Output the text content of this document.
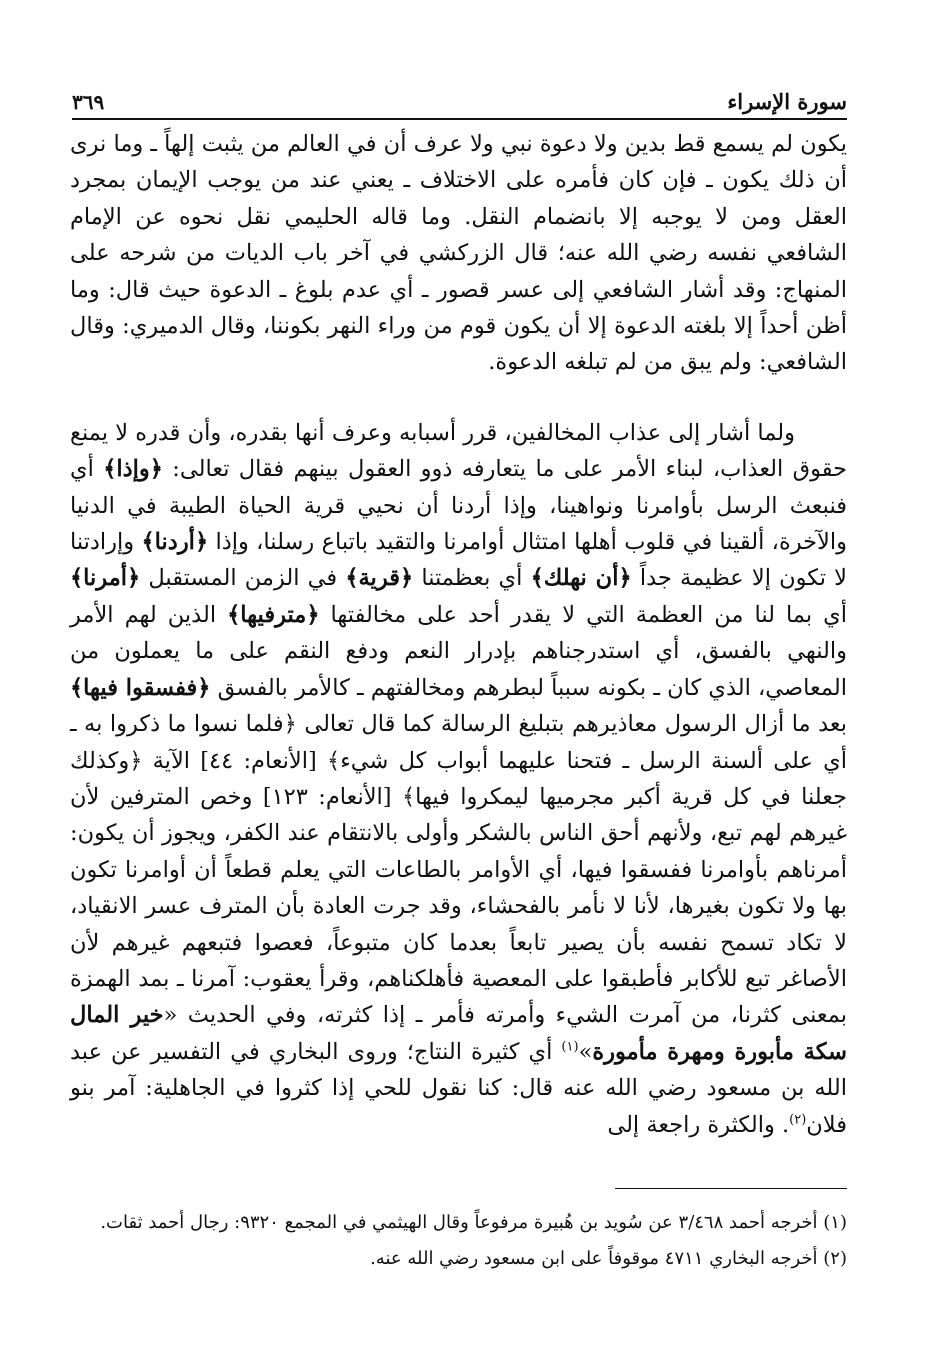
سورة الإسراء
٣٦٩

يكون لم يسمع قط بدين ولا دعوة نبي ولا عرف أن في العالم من يثبت إلهاً ـ وما نرى أن ذلك يكون ـ فإن كان فأمره على الاختلاف ـ يعني عند من يوجب الإيمان بمجرد العقل ومن لا يوجبه إلا بانضمام النقل. وما قاله الحليمي نقل نحوه عن الإمام الشافعي نفسه رضي الله عنه؛ قال الزركشي في آخر باب الديات من شرحه على المنهاج: وقد أشار الشافعي إلى عسر قصور ـ أي عدم بلوغ ـ الدعوة حيث قال: وما أظن أحداً إلا بلغته الدعوة إلا أن يكون قوم من وراء النهر بكوننا، وقال الدميري: وقال الشافعي: ولم يبق من لم تبلغه الدعوة.

ولما أشار إلى عذاب المخالفين، قرر أسبابه وعرف أنها بقدره، وأن قدره لا يمنع حقوق العذاب، لبناء الأمر على ما يتعارفه ذوو العقول بينهم فقال تعالى: ﴿وإذا﴾ أي فنبعث الرسل بأوامرنا ونواهينا، وإذا أردنا أن نحيي قرية الحياة الطيبة في الدنيا والآخرة، ألقينا في قلوب أهلها امتثال أوامرنا والتقيد باتباع رسلنا، وإذا ﴿أردنا﴾ وإرادتنا لا تكون إلا عظيمة جداً ﴿أن نهلك﴾ أي بعظمتنا ﴿قرية﴾ في الزمن المستقبل ﴿أمرنا﴾ أي بما لنا من العظمة التي لا يقدر أحد على مخالفتها ﴿مترفيها﴾ الذين لهم الأمر والنهي بالفسق، أي استدرجناهم بإدرار النعم ودفع النقم على ما يعملون من المعاصي، الذي كان ـ بكونه سبباً لبطرهم ومخالفتهم ـ كالأمر بالفسق ﴿ففسقوا فيها﴾ بعد ما أزال الرسول معاذيرهم بتبليغ الرسالة كما قال تعالى ﴿فلما نسوا ما ذكروا به ـ أي على ألسنة الرسل ـ فتحنا عليهما أبواب كل شيء﴾ [الأنعام: ٤٤] الآية ﴿وكذلك جعلنا في كل قرية أكبر مجرميها ليمكروا فيها﴾ [الأنعام: ١٢٣] وخص المترفين لأن غيرهم لهم تبع، ولأنهم أحق الناس بالشكر وأولى بالانتقام عند الكفر، ويجوز أن يكون: أمرناهم بأوامرنا ففسقوا فيها، أي الأوامر بالطاعات التي يعلم قطعاً أن أوامرنا تكون بها ولا تكون بغيرها، لأنا لا نأمر بالفحشاء، وقد جرت العادة بأن المترف عسر الانقياد، لا تكاد تسمح نفسه بأن يصير تابعاً بعدما كان متبوعاً، فعصوا فتبعهم غيرهم لأن الأصاغر تبع للأكابر فأطبقوا على المعصية فأهلكناهم، وقرأ يعقوب: آمرنا ـ بمد الهمزة بمعنى كثرنا، من آمرت الشيء وأمرته فأمر ـ إذا كثرته، وفي الحديث «خير المال سكة مأبورة ومهرة مأمورة»$^{(١)}$ أي كثيرة النتاج؛ وروى البخاري في التفسير عن عبد الله بن مسعود رضي الله عنه قال: كنا نقول للحي إذا كثروا في الجاهلية: آمر بنو فلان$^{(٢)}$. والكثرة راجعة إلى

(١) أخرجه أحمد ٣/٤٦٨ عن سُويد بن هُبيرة مرفوعاً وقال الهيثمي في المجمع ٩٣٢٠: رجال أحمد ثقات.

(٢) أخرجه البخاري ٤٧١١ موقوفاً على ابن مسعود رضي الله عنه.
